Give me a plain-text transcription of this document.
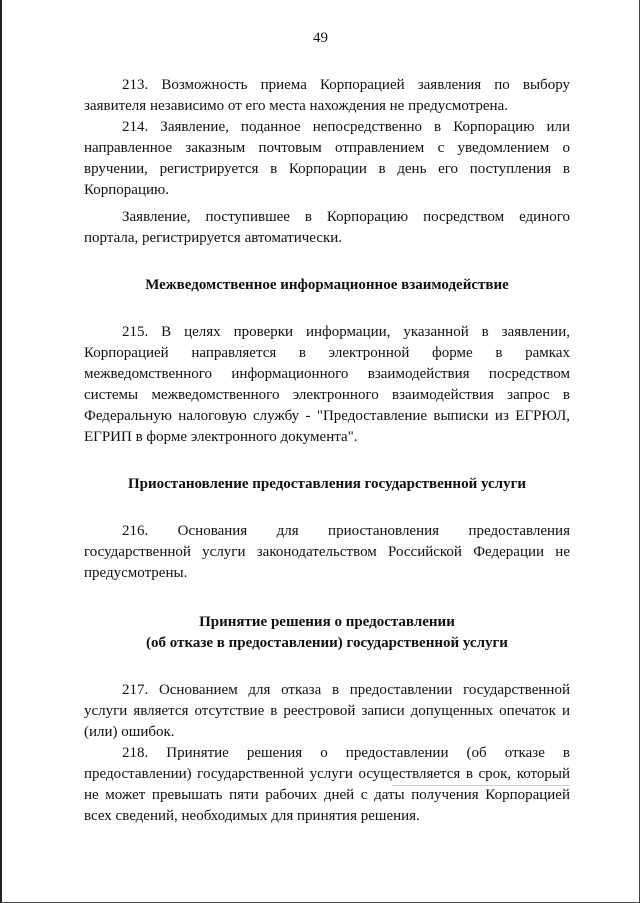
49

213. Возможность приема Корпорацией заявления по выбору заявителя независимо от его места нахождения не предусмотрена.

214. Заявление, поданное непосредственно в Корпорацию или направленное заказным почтовым отправлением с уведомлением о вручении, регистрируется в Корпорации в день его поступления в Корпорацию.

Заявление, поступившее в Корпорацию посредством единого портала, регистрируется автоматически.

Межведомственное информационное взаимодействие

215. В целях проверки информации, указанной в заявлении, Корпорацией направляется в электронной форме в рамках межведомственного информационного взаимодействия посредством системы межведомственного электронного взаимодействия запрос в Федеральную налоговую службу - "Предоставление выписки из ЕГРЮЛ, ЕГРИП в форме электронного документа".

Приостановление предоставления государственной услуги

216. Основания для приостановления предоставления государственной услуги законодательством Российской Федерации не предусмотрены.

Принятие решения о предоставлении
(об отказе в предоставлении) государственной услуги

217. Основанием для отказа в предоставлении государственной услуги является отсутствие в реестровой записи допущенных опечаток и (или) ошибок.

218. Принятие решения о предоставлении (об отказе в предоставлении) государственной услуги осуществляется в срок, который не может превышать пяти рабочих дней с даты получения Корпорацией всех сведений, необходимых для принятия решения.
